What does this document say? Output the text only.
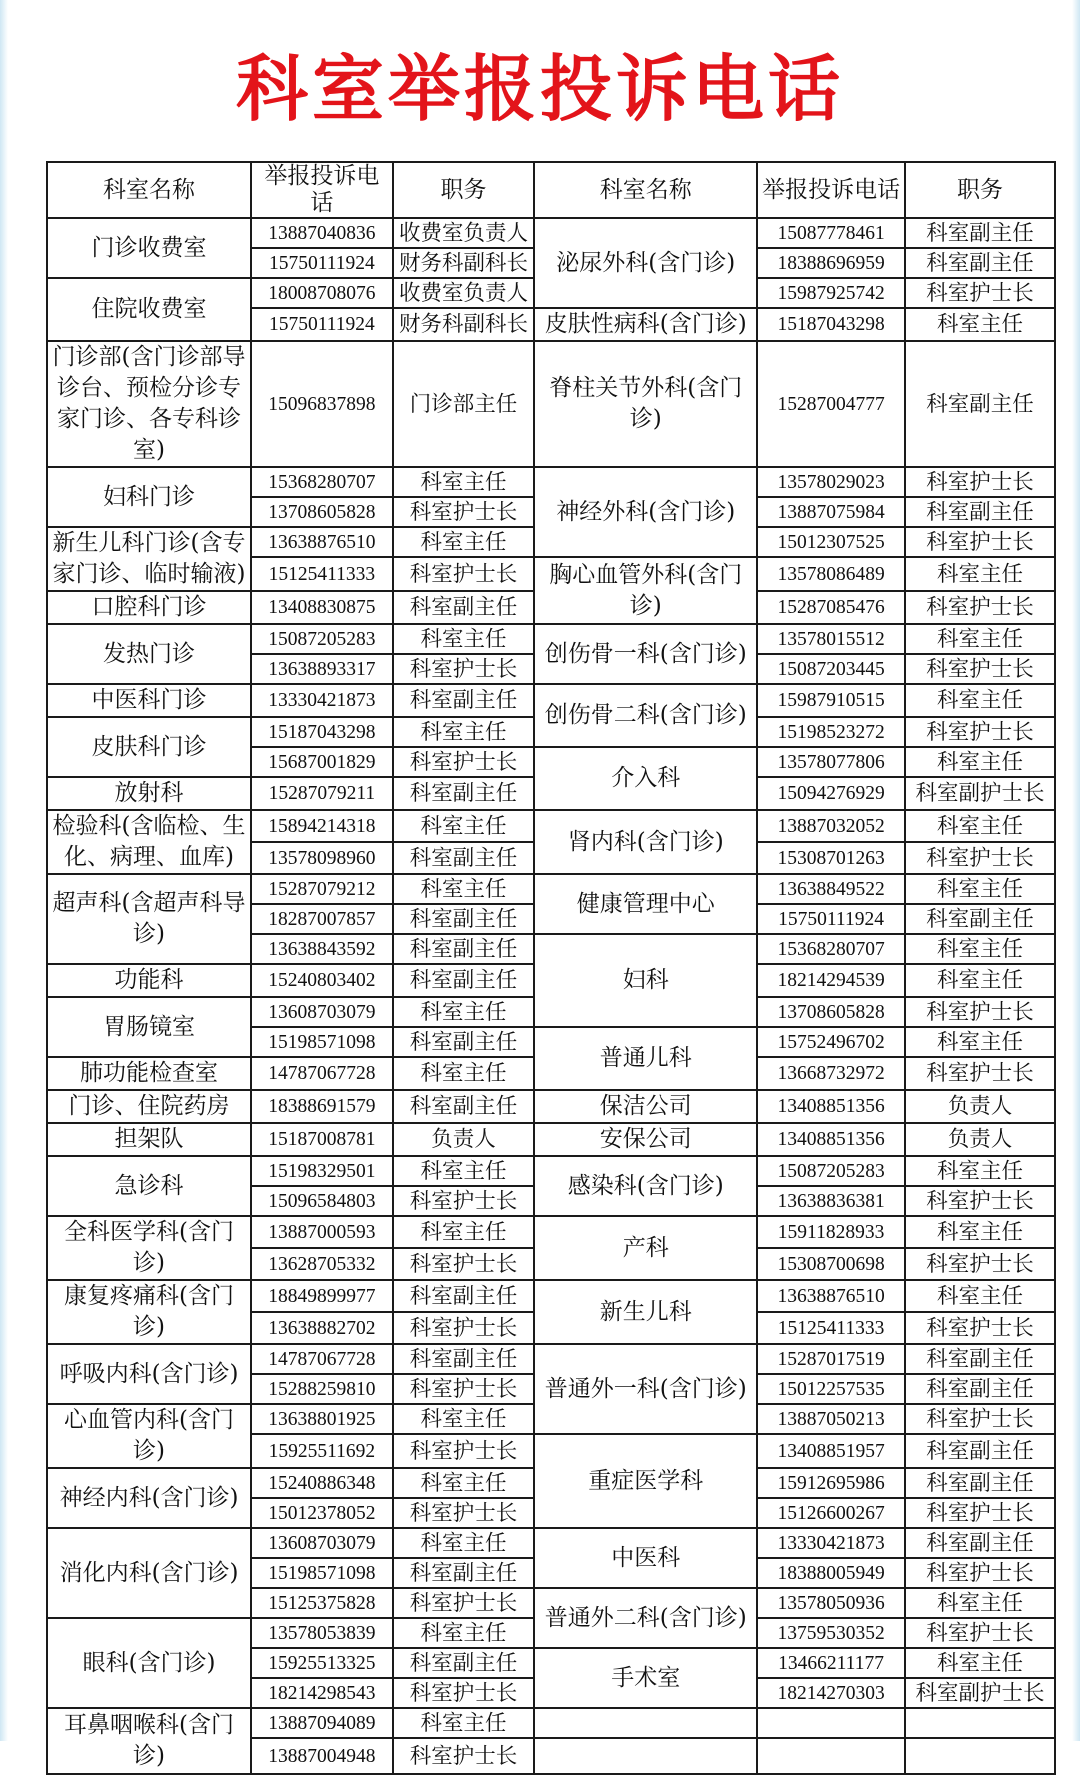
科室举报投诉电话
科室名称	举报投诉电话	职务	科室名称	举报投诉电话	职务
门诊收费室	13887040836	收费室负责人	泌尿外科(含门诊)	15087778461	科室副主任
	15750111924	财务科副科长		18388696959	科室副主任
住院收费室	18008708076	收费室负责人		15987925742	科室护士长
	15750111924	财务科副科长	皮肤性病科(含门诊)	15187043298	科室主任
门诊部(含门诊部导诊台、预检分诊专家门诊、各专科诊室)	15096837898	门诊部主任	脊柱关节外科(含门诊)	15287004777	科室副主任
妇科门诊	15368280707	科室主任	神经外科(含门诊)	13578029023	科室护士长
	13708605828	科室护士长		13887075984	科室副主任
新生儿科门诊(含专家门诊、临时输液)	13638876510	科室主任		15012307525	科室护士长
	15125411333	科室护士长	胸心血管外科(含门诊)	13578086489	科室主任
口腔科门诊	13408830875	科室副主任		15287085476	科室护士长
发热门诊	15087205283	科室主任	创伤骨一科(含门诊)	13578015512	科室主任
	13638893317	科室护士长		15087203445	科室护士长
中医科门诊	13330421873	科室副主任	创伤骨二科(含门诊)	15987910515	科室主任
皮肤科门诊	15187043298	科室主任		15198523272	科室护士长
	15687001829	科室护士长	介入科	13578077806	科室主任
放射科	15287079211	科室副主任		15094276929	科室副护士长
检验科(含临检、生化、病理、血库)	15894214318	科室主任	肾内科(含门诊)	13887032052	科室主任
	13578098960	科室副主任		15308701263	科室护士长
超声科(含超声科导诊)	15287079212	科室主任	健康管理中心	13638849522	科室主任
	18287007857	科室副主任		15750111924	科室副主任
	13638843592	科室副主任	妇科	15368280707	科室主任
功能科	15240803402	科室副主任		18214294539	科室主任
胃肠镜室	13608703079	科室主任		13708605828	科室护士长
	15198571098	科室副主任	普通儿科	15752496702	科室主任
肺功能检查室	14787067728	科室主任		13668732972	科室护士长
门诊、住院药房	18388691579	科室副主任	保洁公司	13408851356	负责人
担架队	15187008781	负责人	安保公司	13408851356	负责人
急诊科	15198329501	科室主任	感染科(含门诊)	15087205283	科室主任
	15096584803	科室护士长		13638836381	科室护士长
全科医学科(含门诊)	13887000593	科室主任	产科	15911828933	科室主任
	13628705332	科室护士长		15308700698	科室护士长
康复疼痛科(含门诊)	18849899977	科室副主任	新生儿科	13638876510	科室主任
	13638882702	科室护士长		15125411333	科室护士长
呼吸内科(含门诊)	14787067728	科室副主任	普通外一科(含门诊)	15287017519	科室副主任
	15288259810	科室护士长		15012257535	科室副主任
心血管内科(含门诊)	13638801925	科室主任		13887050213	科室护士长
	15925511692	科室护士长	重症医学科	13408851957	科室副主任
神经内科(含门诊)	15240886348	科室主任		15912695986	科室副主任
	15012378052	科室护士长		15126600267	科室护士长
消化内科(含门诊)	13608703079	科室主任	中医科	13330421873	科室副主任
	15198571098	科室副主任		18388005949	科室护士长
	15125375828	科室护士长	普通外二科(含门诊)	13578050936	科室主任
眼科(含门诊)	13578053839	科室主任		13759530352	科室护士长
	15925513325	科室副主任	手术室	13466211177	科室主任
	18214298543	科室护士长		18214270303	科室副护士长
耳鼻咽喉科(含门诊)	13887094089	科室主任			
	13887004948	科室护士长			
